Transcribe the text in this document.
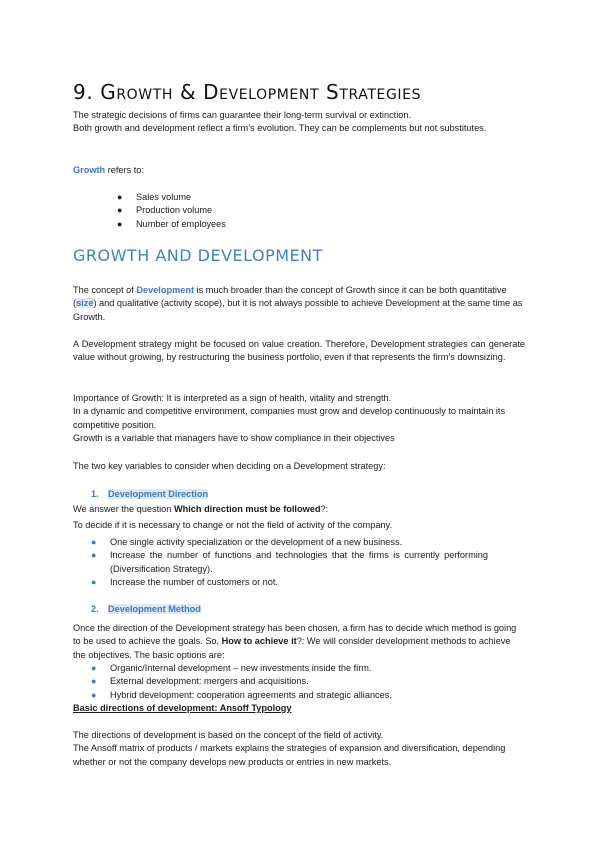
9. Growth & Development Strategies
The strategic decisions of firms can guarantee their long-term survival or extinction.
Both growth and development reflect a firm’s evolution. They can be complements but not substitutes.
Growth refers to:
● Sales volume
● Production volume
● Number of employees
GROWTH AND DEVELOPMENT
The concept of Development is much broader than the concept of Growth since it can be both quantitative (size) and qualitative (activity scope), but it is not always possible to achieve Development at the same time as Growth.
A Development strategy might be focused on value creation. Therefore, Development strategies can generate value without growing, by restructuring the business portfolio, even if that represents the firm’s downsizing.
Importance of Growth: It is interpreted as a sign of health, vitality and strength.
In a dynamic and competitive environment, companies must grow and develop continuously to maintain its competitive position.
Growth is a variable that managers have to show compliance in their objectives
The two key variables to consider when deciding on a Development strategy:
1. Development Direction
We answer the question Which direction must be followed?:
To decide if it is necessary to change or not the field of activity of the company.
● One single activity specialization or the development of a new business.
● Increase the number of functions and technologies that the firms is currently performing (Diversification Strategy).
● Increase the number of customers or not.
2. Development Method
Once the direction of the Development strategy has been chosen, a firm has to decide which method is going to be used to achieve the goals. So, How to achieve it?: We will consider development methods to achieve the objectives. The basic options are:
● Organic/Internal development – new investments inside the firm.
● External development: mergers and acquisitions.
● Hybrid development: cooperation agreements and strategic alliances.
Basic directions of development: Ansoff Typology
The directions of development is based on the concept of the field of activity.
The Ansoff matrix of products / markets explains the strategies of expansion and diversification, depending whether or not the company develops new products or entries in new markets.
